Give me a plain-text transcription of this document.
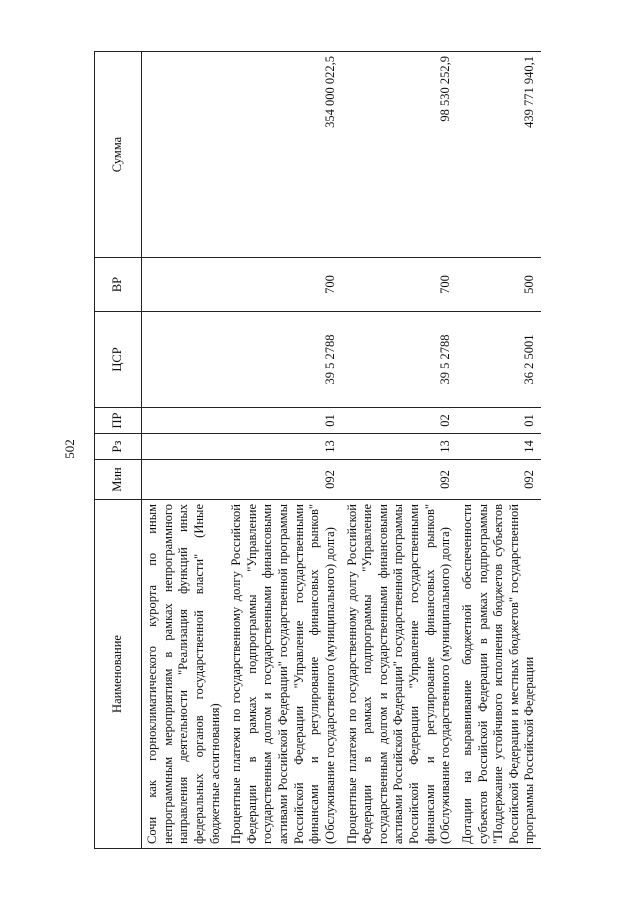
502
Наименование	Мин	Рз	ПР	ЦСР	ВР	Сумма
Сочи как горноклиматического курорта по иным непрограммным мероприятиям в рамках непрограммного направления деятельности "Реализация функций иных федеральных органов государственной власти" (Иные бюджетные ассигнования)						
Процентные платежи по государственному долгу Российской Федерации в рамках подпрограммы "Управление государственным долгом и государственными финансовыми активами Российской Федерации" государственной программы Российской Федерации "Управление государственными финансами и регулирование финансовых рынков" (Обслуживание государственного (муниципального) долга)	092	13	01	39 5 2788	700	354 000 022,5
Процентные платежи по государственному долгу Российской Федерации в рамках подпрограммы "Управление государственным долгом и государственными финансовыми активами Российской Федерации" государственной программы Российской Федерации "Управление государственными финансами и регулирование финансовых рынков" (Обслуживание государственного (муниципального) долга)	092	13	02	39 5 2788	700	98 530 252,9
Дотации на выравнивание бюджетной обеспеченности субъектов Российской Федерации в рамках подпрограммы "Поддержание устойчивого исполнения бюджетов субъектов Российской Федерации и местных бюджетов" государственной программы Российской Федерации	092	14	01	36 2 5001	500	439 771 940,1
